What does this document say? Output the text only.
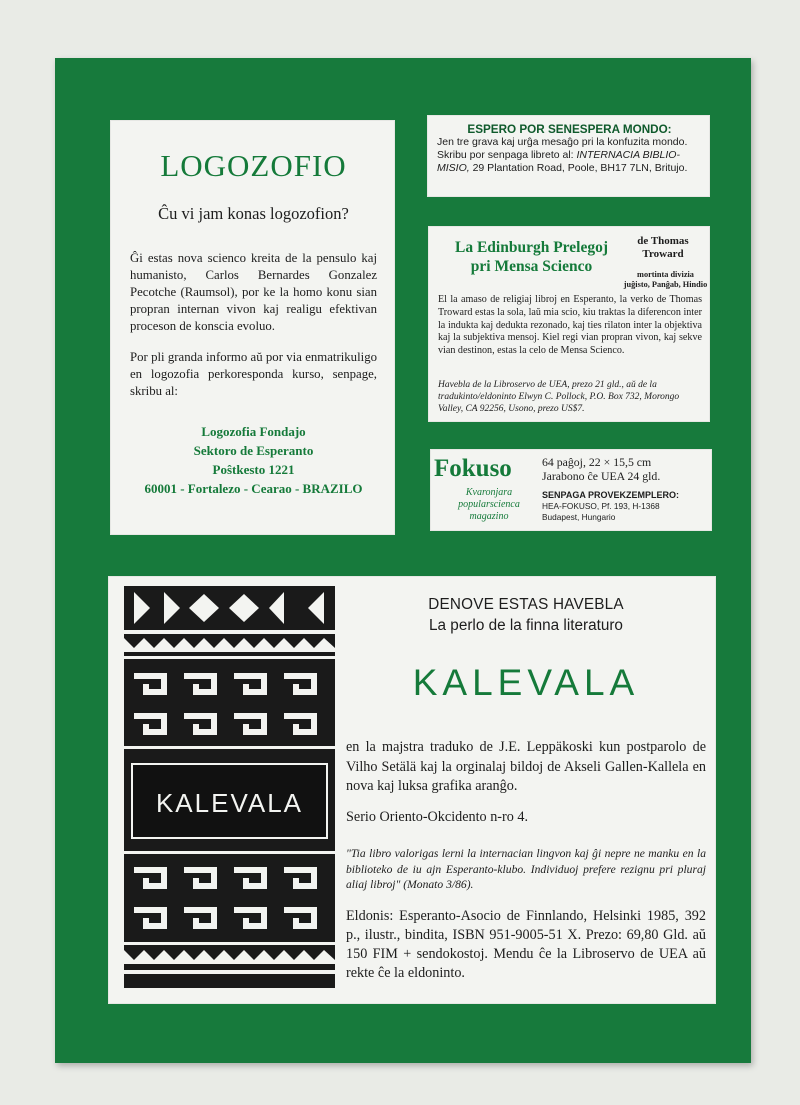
LOGOZOFIO
Ĉu vi jam konas logozofion?
Ĝi estas nova scienco kreita de la pensulo kaj humanisto, Carlos Bernardes Gonzalez Pecotche (Raumsol), por ke la homo konu sian propran internan vivon kaj realigu efektivan proceson de konscia evoluo.
Por pli granda informo aŭ por via enmatrikuligo en logozofia perkoresponda kurso, senpage, skribu al:
Logozofia Fondajo
Sektoro de Esperanto
Poŝtkesto 1221
60001 - Fortalezo - Cearao - BRAZILO
ESPERO POR SENESPERA MONDO:
Jen tre grava kaj urĝa mesaĝo pri la konfuzita mondo. Skribu por senpaga libreto al: INTERNACIA BIBLIO-MISIO, 29 Plantation Road, Poole, BH17 7LN, Britujo.
La Edinburgh Prelegoj
pri Mensa Scienco
de Thomas
Troward
mortinta divizia juĝisto, Panĝab, Hindio
El la amaso de religiaj libroj en Esperanto, la verko de Thomas Troward estas la sola, laŭ mia scio, kiu traktas la diferencon inter la indukta kaj dedukta rezonado, kaj ties rilaton inter la objektiva kaj la subjektiva mensoj. Kiel regi vian propran vivon, kaj sekve vian destinon, estas la celo de Mensa Scienco.
Havebla de la Libroservo de UEA, prezo 21 gld., aŭ de la tradukinto/eldoninto Elwyn C. Pollock, P.O. Box 732, Morongo Valley, CA 92256, Usono, prezo US$7.
Fokuso
Kvaronjara
popularscienca
magazino
64 paĝoj, 22 × 15,5 cm
Jarabono ĉe UEA 24 gld.
SENPAGA PROVEKZEMPLERO:
HEA-FOKUSO, Pf. 193, H-1368
Budapest, Hungario
KALEVALA
DENOVE ESTAS HAVEBLA
La perlo de la finna literaturo
KALEVALA
en la majstra traduko de J.E. Leppäkoski kun postparolo de Vilho Setälä kaj la orginalaj bildoj de Akseli Gallen-Kallela en nova kaj luksa grafika aranĝo.
Serio Oriento-Okcidento n-ro 4.
"Tia libro valorigas lerni la internacian lingvon kaj ĝi nepre ne manku en la biblioteko de iu ajn Esperanto-klubo. Individuoj prefere rezignu pri pluraj aliaj libroj" (Monato 3/86).
Eldonis: Esperanto-Asocio de Finnlando, Helsinki 1985, 392 p., ilustr., bindita, ISBN 951-9005-51 X. Prezo: 69,80 Gld. aŭ 150 FIM + sendokostoj. Mendu ĉe la Libroservo de UEA aŭ rekte ĉe la eldoninto.
